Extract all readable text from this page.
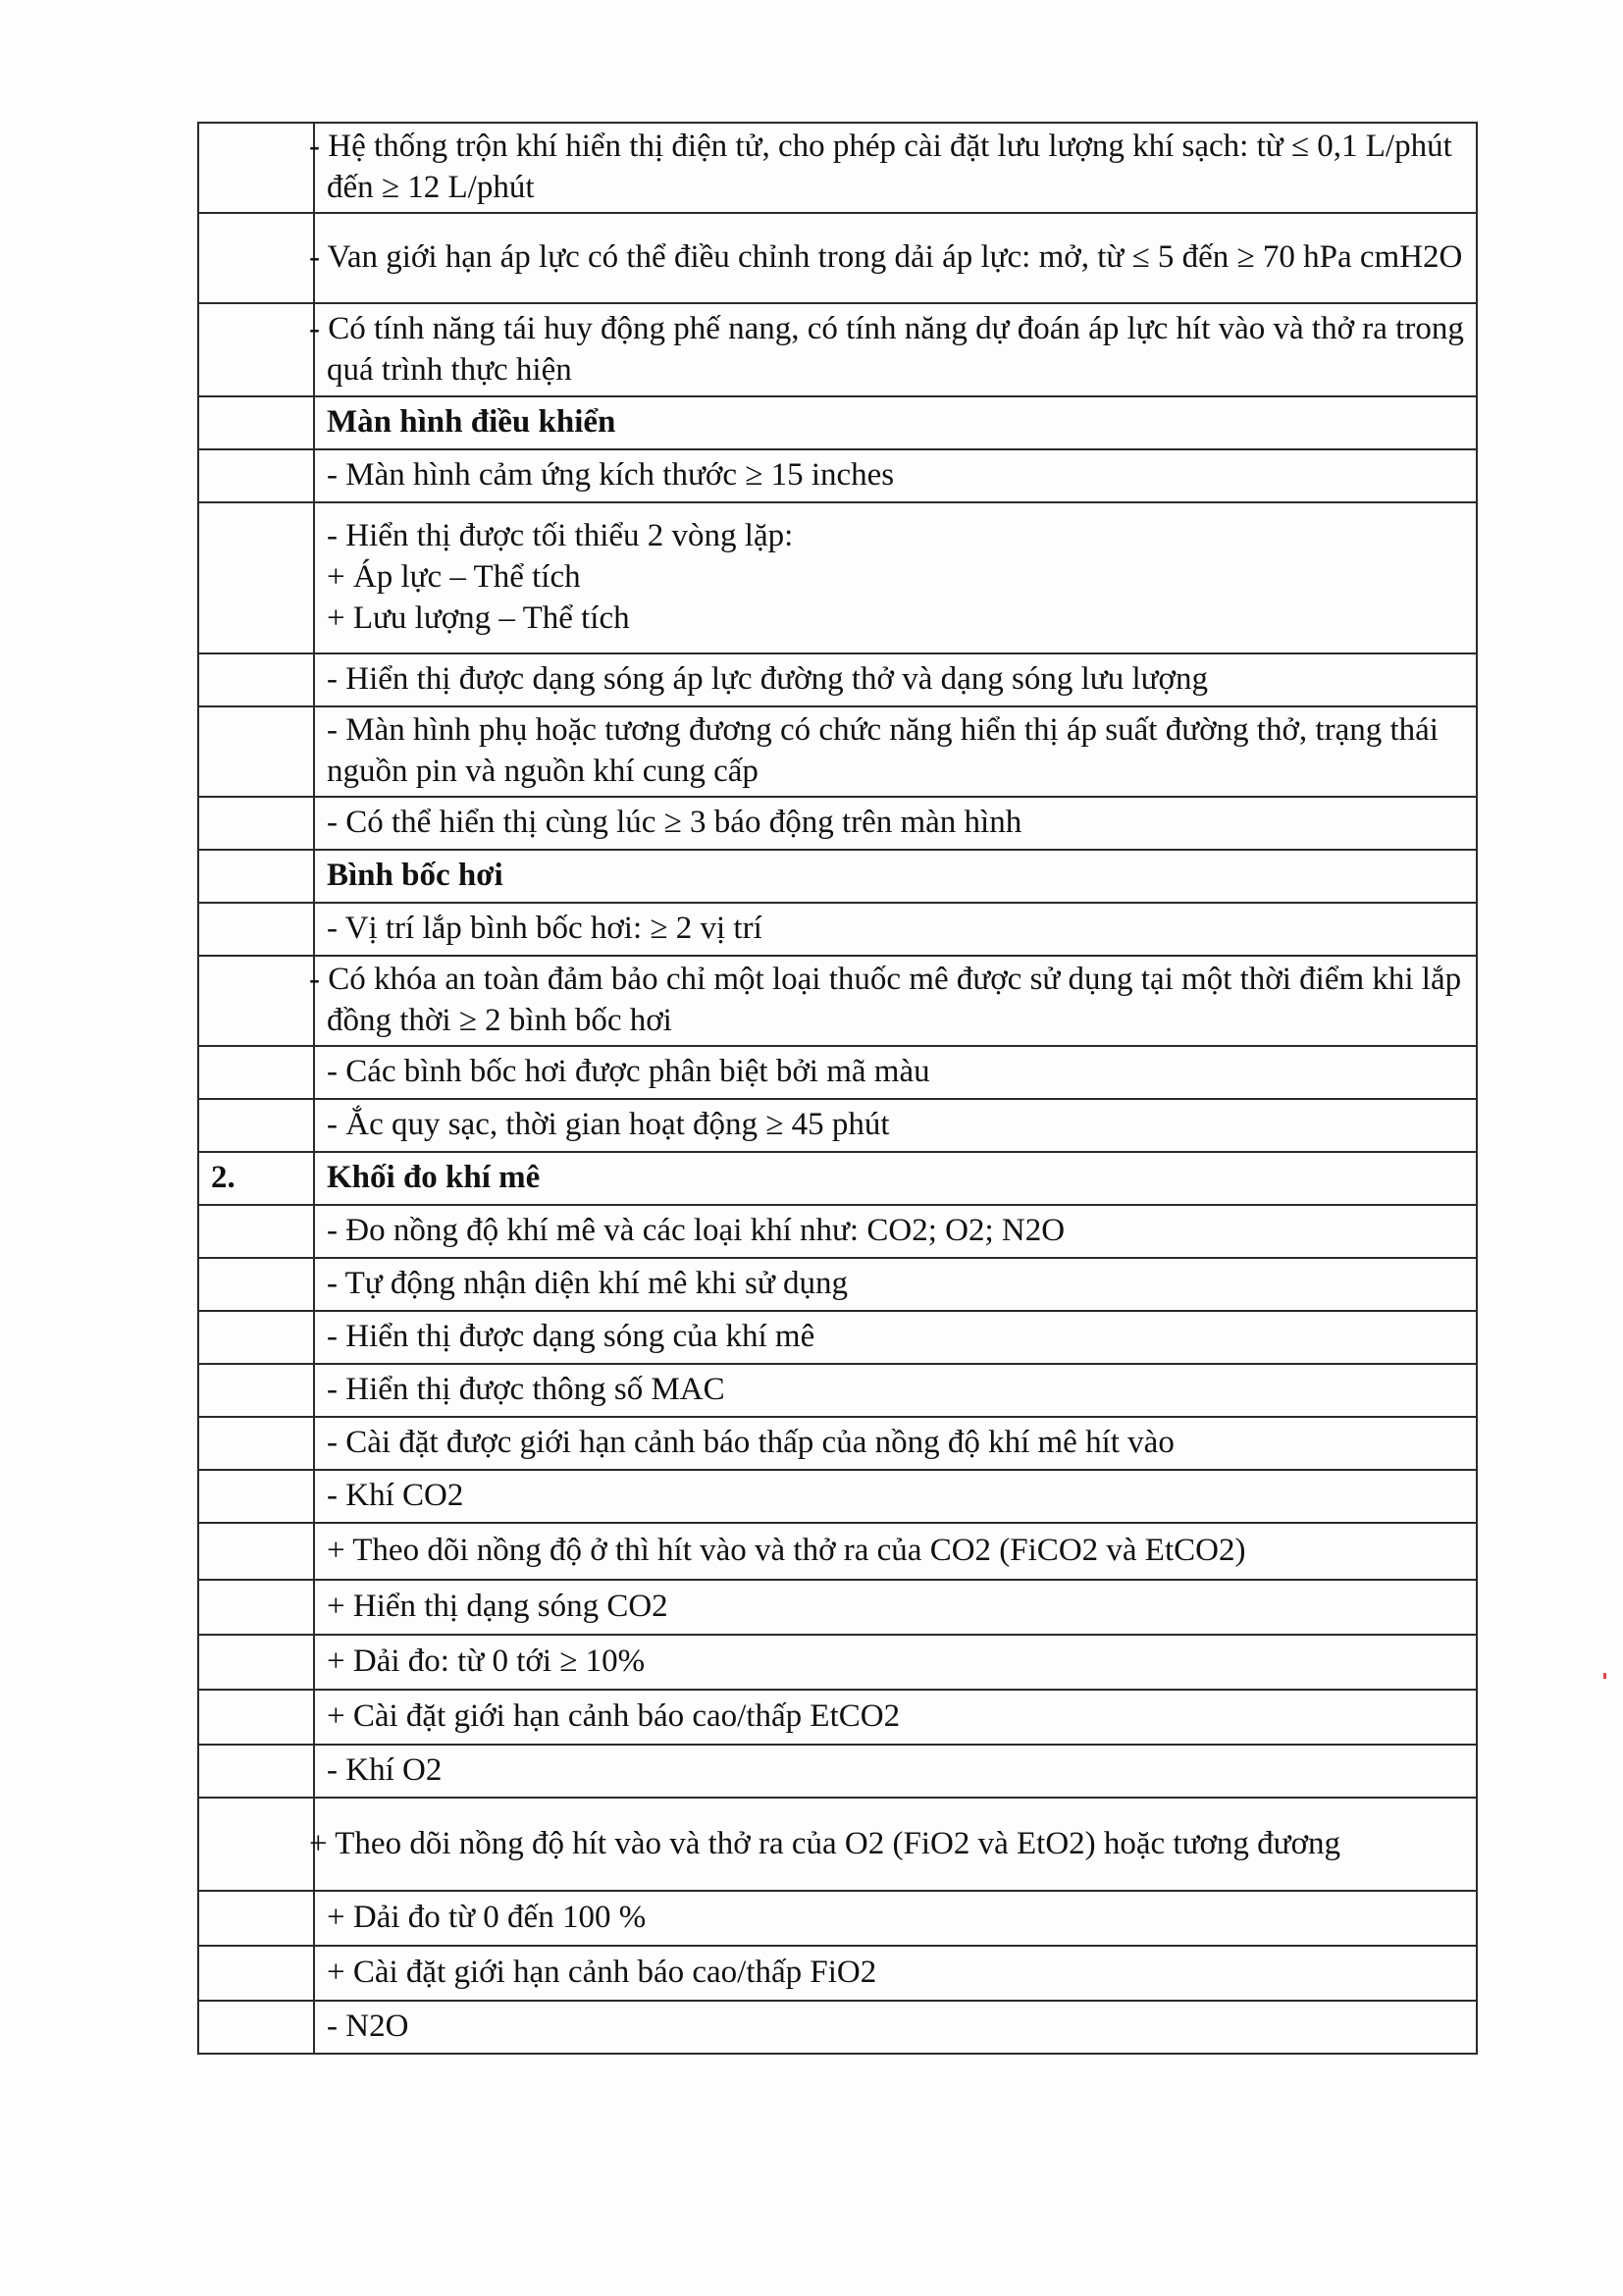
	- Hệ thống trộn khí hiển thị điện tử, cho phép cài đặt lưu lượng khí sạch: từ ≤ 0,1 L/phút đến ≥ 12 L/phút
	- Van giới hạn áp lực có thể điều chỉnh trong dải áp lực: mở, từ ≤ 5 đến ≥ 70 hPa cmH2O
	- Có tính năng tái huy động phế nang, có tính năng dự đoán áp lực hít vào và thở ra trong quá trình thực hiện
	Màn hình điều khiển
	- Màn hình cảm ứng kích thước ≥ 15 inches

	- Hiển thị được tối thiểu 2 vòng lặp:
+ Áp lực – Thể tích
+ Lưu lượng – Thể tích

	- Hiển thị được dạng sóng áp lực đường thở và dạng sóng lưu lượng
	- Màn hình phụ hoặc tương đương có chức năng hiển thị áp suất đường thở, trạng thái nguồn pin và nguồn khí cung cấp
	- Có thể hiển thị cùng lúc ≥ 3 báo động trên màn hình
	Bình bốc hơi
	- Vị trí lắp bình bốc hơi: ≥ 2 vị trí
	- Có khóa an toàn đảm bảo chỉ một loại thuốc mê được sử dụng tại một thời điểm khi lắp đồng thời ≥ 2 bình bốc hơi
	- Các bình bốc hơi được phân biệt bởi mã màu
	- Ắc quy sạc, thời gian hoạt động ≥ 45 phút
2.	Khối đo khí mê
	- Đo nồng độ khí mê và các loại khí như: CO2; O2; N2O
	- Tự động nhận diện khí mê khi sử dụng
	- Hiển thị được dạng sóng của khí mê
	- Hiển thị được thông số MAC
	- Cài đặt được giới hạn cảnh báo thấp của nồng độ khí mê hít vào
	- Khí CO2
	+ Theo dõi nồng độ ở thì hít vào và thở ra của CO2 (FiCO2 và EtCO2)
	+ Hiển thị dạng sóng CO2
	+ Dải đo: từ 0 tới ≥ 10%
	+ Cài đặt giới hạn cảnh báo cao/thấp EtCO2
	- Khí O2
	+ Theo dõi nồng độ hít vào và thở ra của O2 (FiO2 và EtO2) hoặc tương đương
	+ Dải đo từ 0 đến 100 %
	+ Cài đặt giới hạn cảnh báo cao/thấp FiO2
	- N2O
